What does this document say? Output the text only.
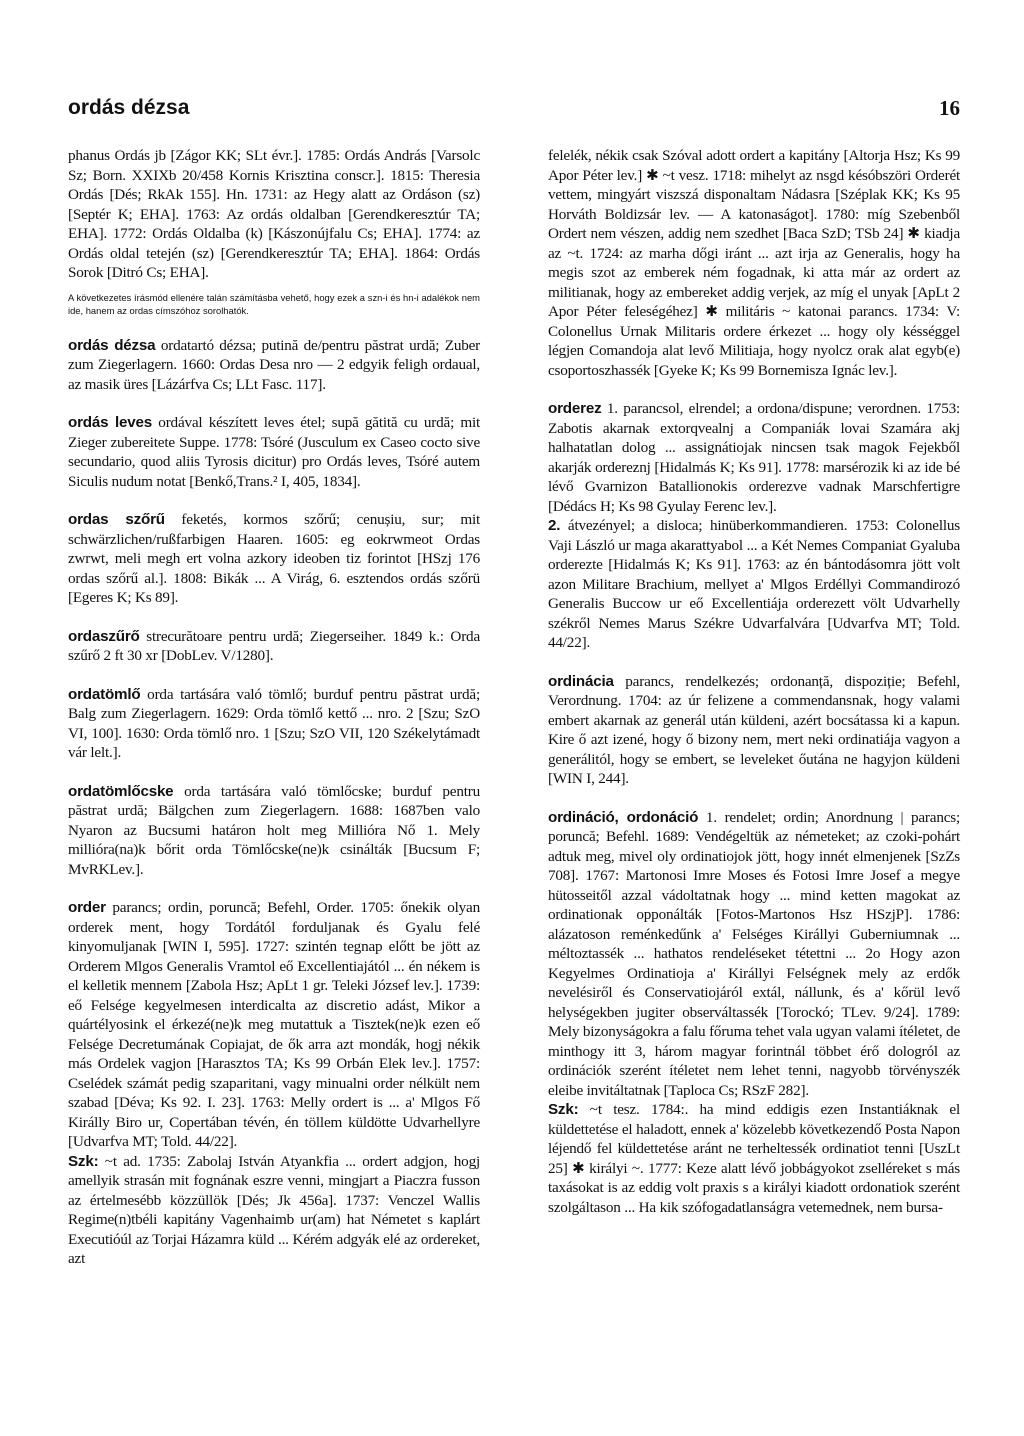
ordás dézsa	16

phanus Ordás jb [Zágor KK; SLt évr.]. 1785: Ordás András [Varsolc Sz; Born. XXIXb 20/458 Kornis Krisztina conscr.]. 1815: Theresia Ordás [Dés; RkAk 155]. Hn. 1731: az Hegy alatt az Ordáson (sz) [Septér K; EHA]. 1763: Az ordás oldalban [Gerendkeresztúr TA; EHA]. 1772: Ordás Oldalba (k) [Kászonújfalu Cs; EHA]. 1774: az Ordás oldal tetején (sz) [Gerendkeresztúr TA; EHA]. 1864: Ordás Sorok [Ditró Cs; EHA].

A következetes írásmód ellenére talán számításba vehető, hogy ezek a szn-i és hn-i adalékok nem ide, hanem az ordas címszóhoz sorolhatók.

ordás dézsa ordatartó dézsa; putină de/pentru păstrat urdă; Zuber zum Ziegerlagern. 1660: Ordas Desa nro — 2 edgyik feligh ordaual, az masik üres [Lázárfva Cs; LLt Fasc. 117].

ordás leves ordával készített leves étel; supă gătită cu urdă; mit Zieger zubereitete Suppe. 1778: Tsóré (Jusculum ex Caseo cocto sive secundario, quod aliis Tyrosis dicitur) pro Ordás leves, Tsóré autem Siculis nudum notat [Benkő,Trans.² I, 405, 1834].

ordas szőrű feketés, kormos szőrű; cenușiu, sur; mit schwärzlichen/rußfarbigen Haaren. 1605: eg eokrwmeot Ordas zwrwt, meli megh ert volna azkory ideoben tiz forintot [HSzj 176 ordas szőrű al.]. 1808: Bikák ... A Virág, 6. esztendos ordás szőrü [Egeres K; Ks 89].

ordaszűrő strecurătoare pentru urdă; Ziegerseiher. 1849 k.: Orda szűrő 2 ft 30 xr [DobLev. V/1280].

ordatömlő orda tartására való tömlő; burduf pentru păstrat urdă; Balg zum Ziegerlagern. 1629: Orda tömlő kettő ... nro. 2 [Szu; SzO VI, 100]. 1630: Orda tömlő nro. 1 [Szu; SzO VII, 120 Székelytámadt vár lelt.].

ordatömlőcske orda tartására való tömlőcske; burduf pentru păstrat urdă; Bälgchen zum Ziegerlagern. 1688: 1687ben valo Nyaron az Bucsumi határon holt meg Millióra Nő 1. Mely millióra(na)k bőrit orda Tömlőcske(ne)k csinálták [Bucsum F; MvRKLev.].

order parancs; ordin, poruncă; Befehl, Order. 1705: őnekik olyan orderek ment, hogy Tordától forduljanak és Gyalu felé kinyomuljanak [WIN I, 595]. 1727: szintén tegnap előtt be jött az Orderem Mlgos Generalis Vramtol eő Excellentiajától ... én nékem is el kelletik mennem [Zabola Hsz; ApLt 1 gr. Teleki József lev.]. 1739: eő Felsége kegyelmesen interdicalta az discretio adást, Mikor a quártélyosink el érkezé(ne)k meg mutattuk a Tisztek(ne)k ezen eő Felsége Decretumának Copiajat, de ők arra azt mondák, hogj nékik más Ordelek vagjon [Harasztos TA; Ks 99 Orbán Elek lev.]. 1757: Cselédek számát pedig szaparitani, vagy minualni order nélkült nem szabad [Déva; Ks 92. I. 23]. 1763: Melly ordert is ... a' Mlgos Fő Királly Biro ur, Copertában tévén, én töllem küldötte Udvarhellyre [Udvarfva MT; Told. 44/22].

Szk: ~t ad. 1735: Zabolaj István Atyankfia ... ordert adgjon, hogj amellyik strasán mit fognának eszre venni, mingjart a Piaczra fusson az értelmesébb közzüllök [Dés; Jk 456a]. 1737: Venczel Wallis Regime(n)tbéli kapitány Vagenhaimb ur(am) hat Németet s kaplárt Executióúl az Torjai Házamra küld ... Kérém adgyák elé az ordereket, azt

felelék, nékik csak Szóval adott ordert a kapitány [Altorja Hsz; Ks 99 Apor Péter lev.] ✱ ~t vesz. 1718: mihelyt az nsgd késóbszöri Orderét vettem, mingyárt viszszá disponaltam Nádasra [Széplak KK; Ks 95 Horváth Boldizsár lev. — A katonaságot]. 1780: míg Szebenből Ordert nem vészen, addig nem szedhet [Baca SzD; TSb 24] ✱ kiadja az ~t. 1724: az marha dőgi iránt ... azt irja az Generalis, hogy ha megis szot az emberek ném fogadnak, ki atta már az ordert az militianak, hogy az embereket addig verjek, az míg el unyak [ApLt 2 Apor Péter feleségéhez] ✱ militáris ~ katonai parancs. 1734: V: Colonellus Urnak Militaris ordere érkezet ... hogy oly késséggel légjen Comandoja alat levő Militiaja, hogy nyolcz orak alat egyb(e) csoportoszhassék [Gyeke K; Ks 99 Bornemisza Ignác lev.].

orderez 1. parancsol, elrendel; a ordona/dispune; verordnen. 1753: Zabotis akarnak extorqvealnj a Companiák lovai Szamára akj halhatatlan dolog ... assignátiojak nincsen tsak magok Fejekből akarják ordereznj [Hidalmás K; Ks 91]. 1778: marsérozik ki az ide bé lévő Gvarnizon Batallionokis orderezve vadnak Marschfertigre [Dédács H; Ks 98 Gyulay Ferenc lev.].

2. átvezényel; a disloca; hinüberkommandieren. 1753: Colonellus Vaji László ur maga akarattyabol ... a Két Nemes Companiat Gyaluba orderezte [Hidalmás K; Ks 91]. 1763: az én bántodásomra jött volt azon Militare Brachium, mellyet a' Mlgos Erdéllyi Commandirozó Generalis Buccow ur eő Excellentiája orderezett völt Udvarhelly székről Nemes Marus Székre Udvarfalvára [Udvarfva MT; Told. 44/22].

ordinácia parancs, rendelkezés; ordonanță, dispoziție; Befehl, Verordnung. 1704: az úr felizene a commendansnak, hogy valami embert akarnak az generál után küldeni, azért bocsátassa ki a kapun. Kire ő azt izené, hogy ő bizony nem, mert neki ordinatiája vagyon a generálitól, hogy se embert, se leveleket őutána ne hagyjon küldeni [WIN I, 244].

ordináció, ordonáció 1. rendelet; ordin; Anordnung | parancs; poruncă; Befehl. 1689: Vendégeltük az németeket; az czoki-pohárt adtuk meg, mivel oly ordinatiojok jött, hogy innét elmenjenek [SzZs 708]. 1767: Martonosi Imre Moses és Fotosi Imre Josef a megye hütosseitől azzal vádoltatnak hogy ... mind ketten magokat az ordinationak opponálták [Fotos-Martonos Hsz HSzjP]. 1786: alázatoson reménkedűnk a' Felséges Királlyi Guberniumnak ... méltoztassék ... hathatos rendeléseket tétettni ... 2o Hogy azon Kegyelmes Ordinatioja a' Királlyi Felségnek mely az erdők nevelésiről és Conservatiojáról extál, nállunk, és a' kőrül levő helységekben jugiter observáltassék [Torockó; TLev. 9/24]. 1789: Mely bizonyságokra a falu főruma tehet vala ugyan valami ítéletet, de minthogy itt 3, három magyar forintnál többet érő dologról az ordinációk szerént ítéletet nem lehet tenni, nagyobb törvényszék eleibe invitáltatnak [Taploca Cs; RSzF 282].

Szk: ~t tesz. 1784:. ha mind eddigis ezen Instantiáknak el küldettetése el haladott, ennek a' közelebb következendő Posta Napon léjendő fel küldettetése aránt ne terheltessék ordinatiot tenni [UszLt 25] ✱ királyi ~. 1777: Keze alatt lévő jobbágyokot zselléreket s más taxásokat is az eddig volt praxis s a királyi kiadott ordonatiok szerént szolgáltason ... Ha kik szófogadatlanságra vetemednek, nem bursa-
